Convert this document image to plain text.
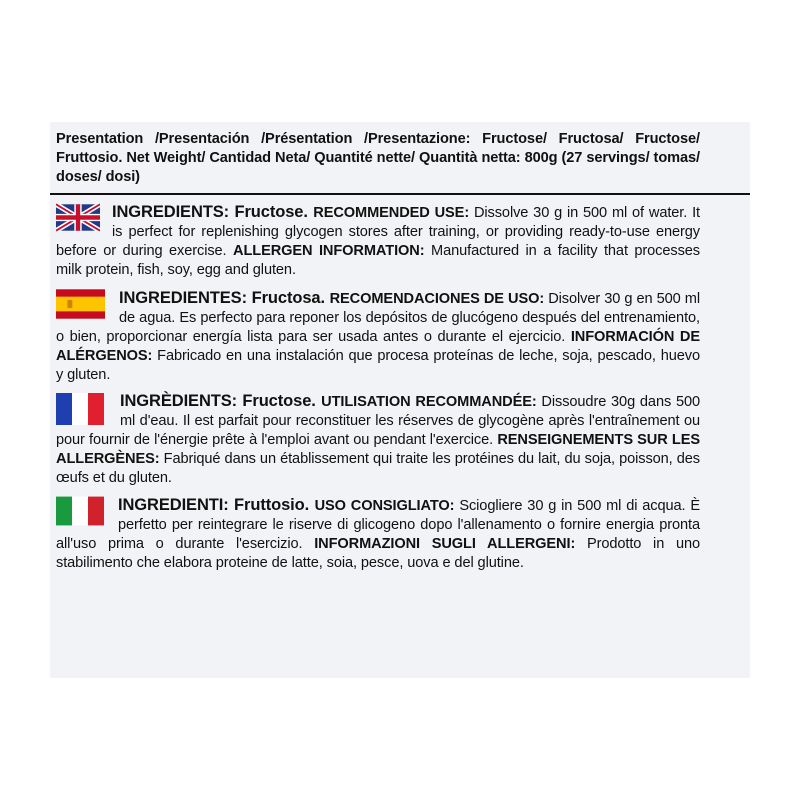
Presentation /Presentación /Présentation /Presentazione: Fructose/ Fructosa/ Fructose/ Fruttosio. Net Weight/ Cantidad Neta/ Quantité nette/ Quantità netta: 800g (27 servings/ tomas/ doses/ dosi)
INGREDIENTS: Fructose. RECOMMENDED USE: Dissolve 30 g in 500 ml of water. It is perfect for replenishing glycogen stores after training, or providing ready-to-use energy before or during exercise. ALLERGEN INFORMATION: Manufactured in a facility that processes milk protein, fish, soy, egg and gluten.
INGREDIENTES: Fructosa. RECOMENDACIONES DE USO: Disolver 30 g en 500 ml de agua. Es perfecto para reponer los depósitos de glucógeno después del entrenamiento, o bien, proporcionar energía lista para ser usada antes o durante el ejercicio. INFORMACIÓN DE ALÉRGENOS: Fabricado en una instalación que procesa proteínas de leche, soja, pescado, huevo y gluten.
INGRÈDIENTS: Fructose. UTILISATION RECOMMANDÉE: Dissoudre 30g dans 500 ml d'eau. Il est parfait pour reconstituer les réserves de glycogène après l'entraînement ou pour fournir de l'énergie prête à l'emploi avant ou pendant l'exercice. RENSEIGNEMENTS SUR LES ALLERGÈNES: Fabriqué dans un établissement qui traite les protéines du lait, du soja, poisson, des œufs et du gluten.
INGREDIENTI: Fruttosio. USO CONSIGLIATO: Sciogliere 30 g in 500 ml di acqua. È perfetto per reintegrare le riserve di glicogeno dopo l'allenamento o fornire energia pronta all'uso prima o durante l'esercizio. INFORMAZIONI SUGLI ALLERGENI: Prodotto in uno stabilimento che elabora proteine de latte, soia, pesce, uova e del glutine.
